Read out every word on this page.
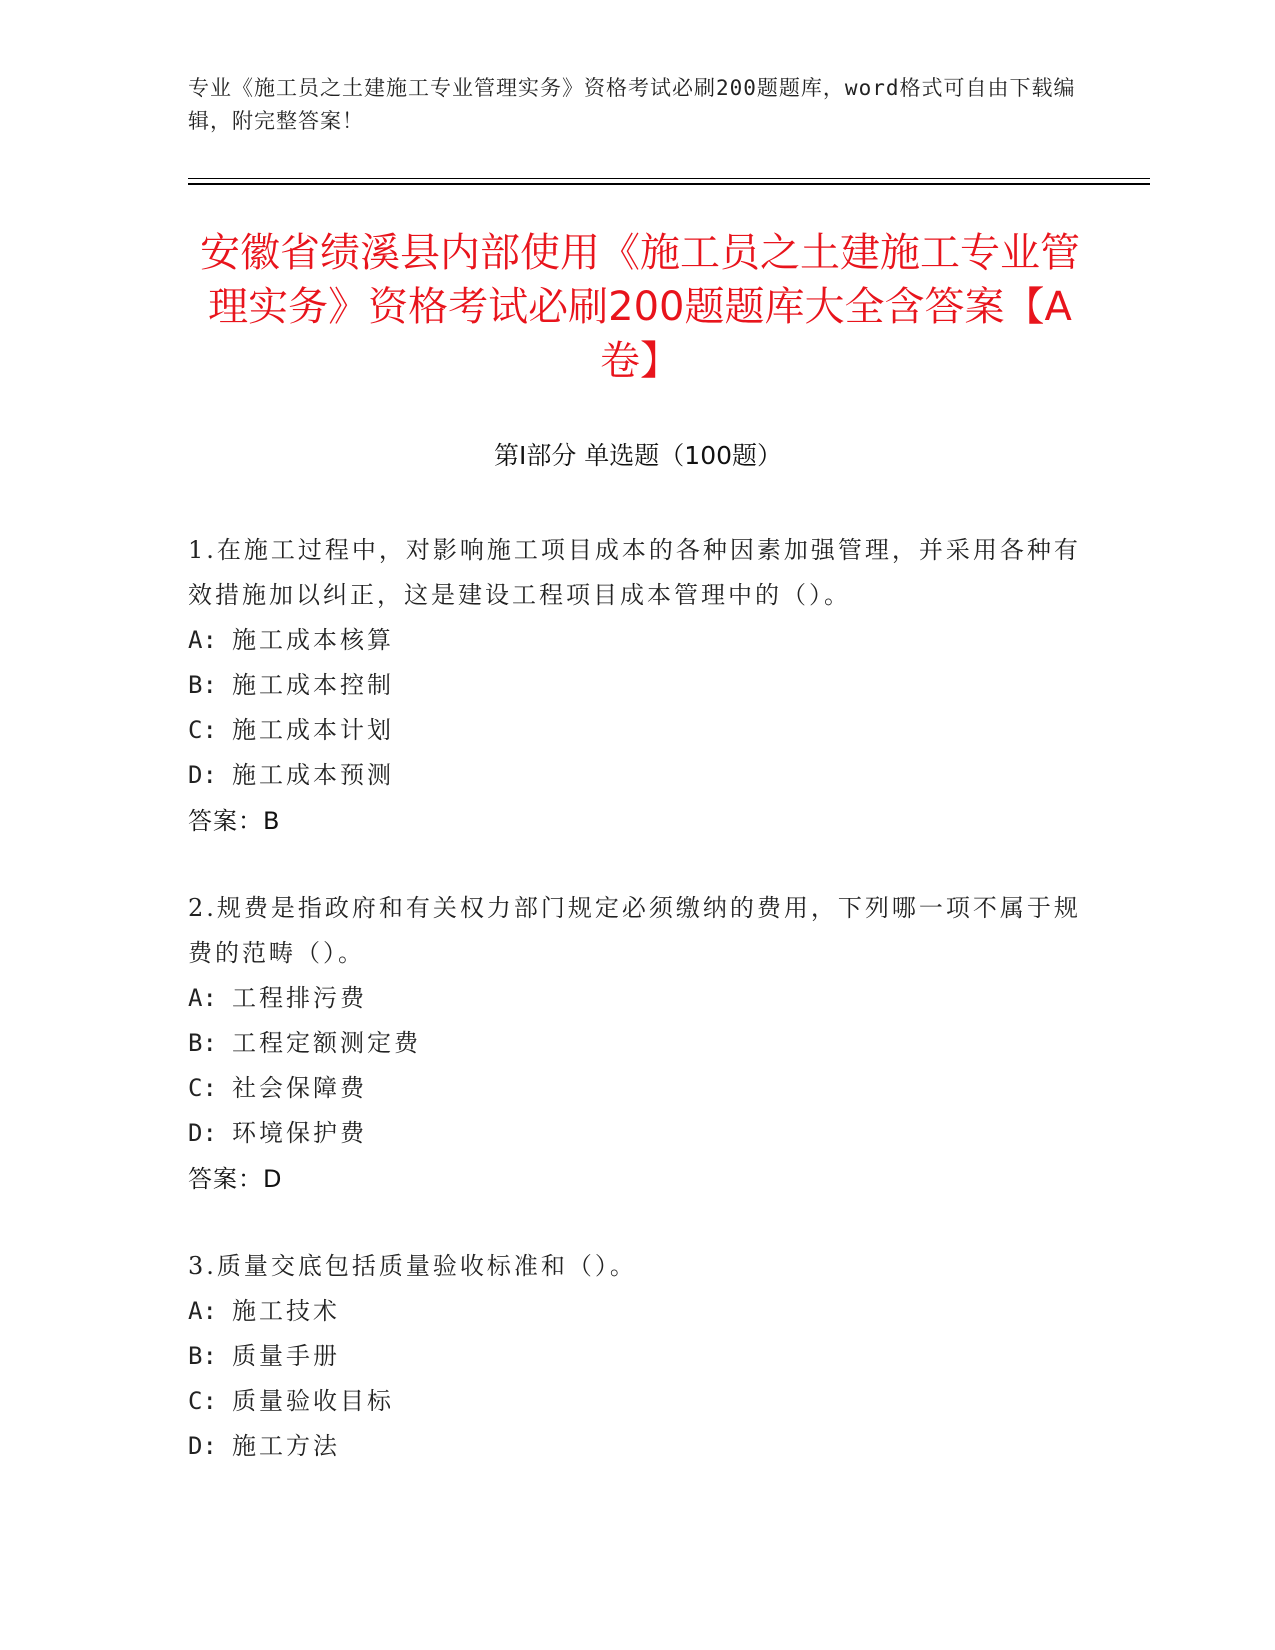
专业《施工员之土建施工专业管理实务》资格考试必刷200题题库，word格式可自由下载编辑，附完整答案！
安徽省绩溪县内部使用《施工员之土建施工专业管理实务》资格考试必刷200题题库大全含答案【A卷】
第Ⅰ部分 单选题（100题）

1.在施工过程中，对影响施工项目成本的各种因素加强管理，并采用各种有效措施加以纠正，这是建设工程项目成本管理中的（）。

A: 施工成本核算

B: 施工成本控制

C: 施工成本计划

D: 施工成本预测

答案：B

2.规费是指政府和有关权力部门规定必须缴纳的费用，下列哪一项不属于规费的范畴（）。

A: 工程排污费

B: 工程定额测定费

C: 社会保障费

D: 环境保护费

答案：D

3.质量交底包括质量验收标准和（）。

A: 施工技术

B: 质量手册

C: 质量验收目标

D: 施工方法
